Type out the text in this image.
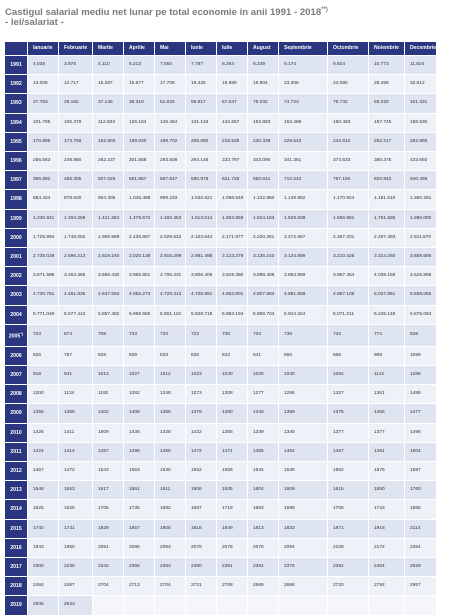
Castigul salarial mediu net lunar pe total economie in anii 1991 - 2018**)
- lei/salariat -
	Ianuarie	Februarie	Martie	Aprilie	Mai	Iunie	Iulie	August	Septembrie	Octombrie	Noiembrie	Decembrie
1991	4.038	3.978	4.110	6.213	7.550	7.787	8.263	8.239	9.174	9.824	10.773	11.824
1992	13.005	12.717	15.287	15.677	17.709	19.426	19.989	19.804	23.306	24.080	28.456	32.612
1993	27.763	29.162	37.146	38.319	51.034	58.917	67.047	75.032	74.723	79.732	93.020	101.331
1994	101.795	106.378	112.603	126.194	126.464	131.134	142.657	153.883	153.486	160.483	167.745	198.530
1995	170.885	173.758	182.803	199.030	199.702	205.080	218.535	230.338	229.543	242.612	252.217	282.995
1996	256.563	248.880	262.237	301.558	293.508	294.148	333.797	343.090	341.361	374.633	380.375	433.692
1997	396.892	456.305	507.026	591.867	567.647	580.978	621.728	650.641	710.242	797.194	820.842	940.495
1998	884.424	878.620	954.305	1.045.498	999.233	1.040.621	1.098.549	1.122.880	1.139.962	1.170.924	1.191.510	1.360.261
1999	1.240.941	1.294.259	1.411.363	1.479.672	1.460.453	1.513.514	1.603.869	1.624.183	1.629.938	1.656.981	1.751.585	1.990.080
2000	1.725.994	1.748.052	1.906.989	2.135.867	2.029.622	2.103.644	2.171.977	2.220.361	2.272.967	2.357.201	2.497.493	2.911.570
2001	2.738.029	2.596.213	2.819.240	3.025.138	2.915.299	2.981.495	3.123.279	3.135.210	3.124.899	3.210.425	3.314.260	3.659.686
2002	3.671.588	3.464.365	3.666.430	3.965.851	3.795.431	3.806.409	3.919.380	3.898.408	3.854.969	3.967.454	4.038.159	4.525.896
2003	4.730.761	4.451.835	4.637.693	4.955.273	4.729.313	4.705.891	4.863.801	4.807.983	4.881.658	4.957.108	5.037.861	5.658.065
2004	5.771.049	5.577.413	5.857.482	5.969.555	5.801.110	5.828.718	5.883.194	5.858.704	5.944.324	6.071.211	6.245.148	6.875.094
2005*)	723	674	708	743	720	722	730	734	736	742	774	848
2006	826	767	828	839	833	835	842	841	860	866	908	1099
2007	918	941	1013	1027	1012	1023	1040	1030	1040	1084	1121	1266
2008	1200	1134	1192	1282	1248	1273	1308	1277	1296	1327	1361	1489
2009	1355	1358	1402	1408	1356	1379	1390	1348	1359	1375	1366	1477
2010	1426	1411	1509	1436	1428	1422	1355	1339	1340	1377	1377	1496
2011	1424	1414	1457	1498	1458	1472	1471	1455	1464	1457	1491	1604
2012	1467	1472	1543	1553	1530	1552	1556	1534	1538	1552	1575	1697
2013	1548	1553	1617	1661	1611	1606	1635	1604	1609	1615	1650	1760
2014	1625	1626	1706	1735	1682	1687	1719	1683	1698	1705	1743	1866
2015	1740	1731	1829	1857	1806	1818	1849	1813	1833	1871	1918	2114
2016	1943	1950	2051	2086	2063	2078	2078	2076	2094	2108	2172	2354
2017	2300	2236	2342	2366	2363	2380	2391	2364	2376	2392	2464	2629
2018	2484	2487	2704	2713	2704	2721	2708	2669	2688	2720	2792	2957
2019	2936	2933										
